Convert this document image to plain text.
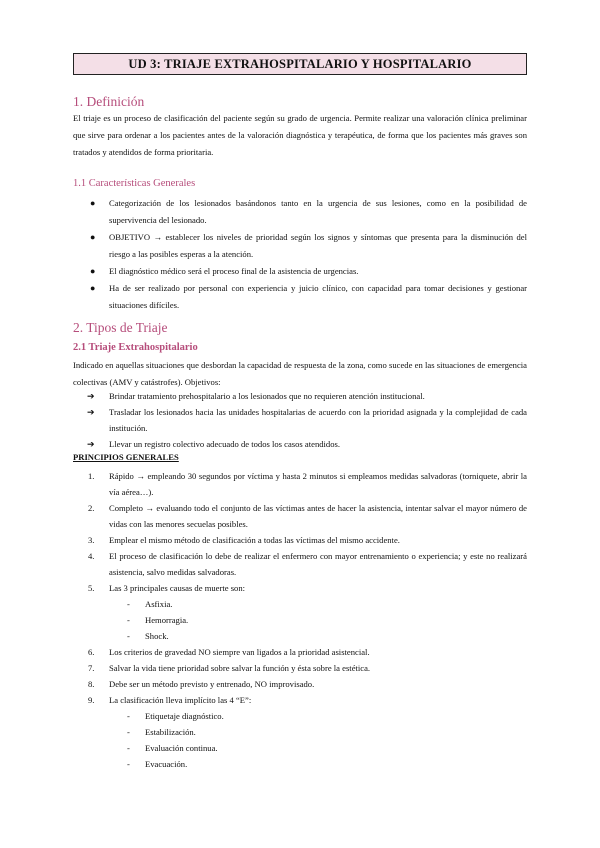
UD 3: TRIAJE EXTRAHOSPITALARIO Y HOSPITALARIO
1. Definición

El triaje es un proceso de clasificación del paciente según su grado de urgencia. Permite realizar una valoración clínica preliminar que sirve para ordenar a los pacientes antes de la valoración diagnóstica y terapéutica, de forma que los pacientes más graves son tratados y atendidos de forma prioritaria.

1.1 Características Generales
● Categorización de los lesionados basándonos tanto en la urgencia de sus lesiones, como en la posibilidad de supervivencia del lesionado.
● OBJETIVO → establecer los niveles de prioridad según los signos y síntomas que presenta para la disminución del riesgo a las posibles esperas a la atención.
● El diagnóstico médico será el proceso final de la asistencia de urgencias.
● Ha de ser realizado por personal con experiencia y juicio clínico, con capacidad para tomar decisiones y gestionar situaciones difíciles.
2. Tipos de Triaje
2.1 Triaje Extrahospitalario

Indicado en aquellas situaciones que desbordan la capacidad de respuesta de la zona, como sucede en las situaciones de emergencia colectivas (AMV y catástrofes). Objetivos:

➔ Brindar tratamiento prehospitalario a los lesionados que no requieren atención institucional.
➔ Trasladar los lesionados hacia las unidades hospitalarias de acuerdo con la prioridad asignada y la complejidad de cada institución.
➔ Llevar un registro colectivo adecuado de todos los casos atendidos.

PRINCIPIOS GENERALES

1. Rápido → empleando 30 segundos por víctima y hasta 2 minutos si empleamos medidas salvadoras (torniquete, abrir la vía aérea…).
2. Completo → evaluando todo el conjunto de las víctimas antes de hacer la asistencia, intentar salvar el mayor número de vidas con las menores secuelas posibles.
3. Emplear el mismo método de clasificación a todas las víctimas del mismo accidente.
4. El proceso de clasificación lo debe de realizar el enfermero con mayor entrenamiento o experiencia; y este no realizará asistencia, salvo medidas salvadoras.
5. Las 3 principales causas de muerte son:
- Asfixia.
- Hemorragia.
- Shock.
6. Los criterios de gravedad NO siempre van ligados a la prioridad asistencial.
7. Salvar la vida tiene prioridad sobre salvar la función y ésta sobre la estética.
8. Debe ser un método previsto y entrenado, NO improvisado.
9. La clasificación lleva implícito las 4 “E”:
- Etiquetaje diagnóstico.
- Estabilización.
- Evaluación continua.
- Evacuación.
